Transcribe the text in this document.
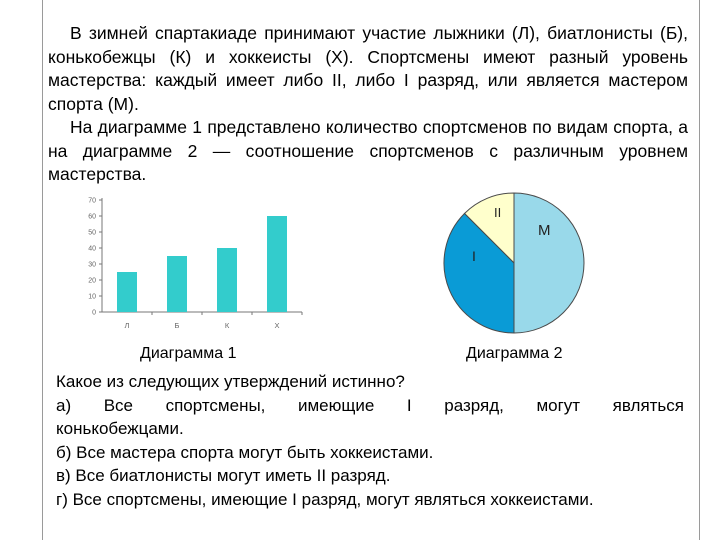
В зимней спартакиаде принимают участие лыжники (Л), биатлонисты (Б), конькобежцы (К) и хоккеисты (Х). Спортсмены имеют разный уровень мастерства: каждый имеет либо II, либо I разряд, или является мастером спорта (М).

На диаграмме 1 представлено количество спортсменов по видам спорта, а на диаграмме 2 — соотношение спортсменов с различным уровнем мастерства.

0
10
20
30
40
50
60
70
Л	Б	К	Х
II
M
I
Диаграмма 1	Диаграмма 2

Какое из следующих утверждений истинно?

а) Все спортсмены, имеющие I разряд, могут являться

конькобежцами.

б) Все мастера спорта могут быть хоккеистами.

в) Все биатлонисты могут иметь II разряд.

г) Все спортсмены, имеющие I разряд, могут являться хоккеистами.
